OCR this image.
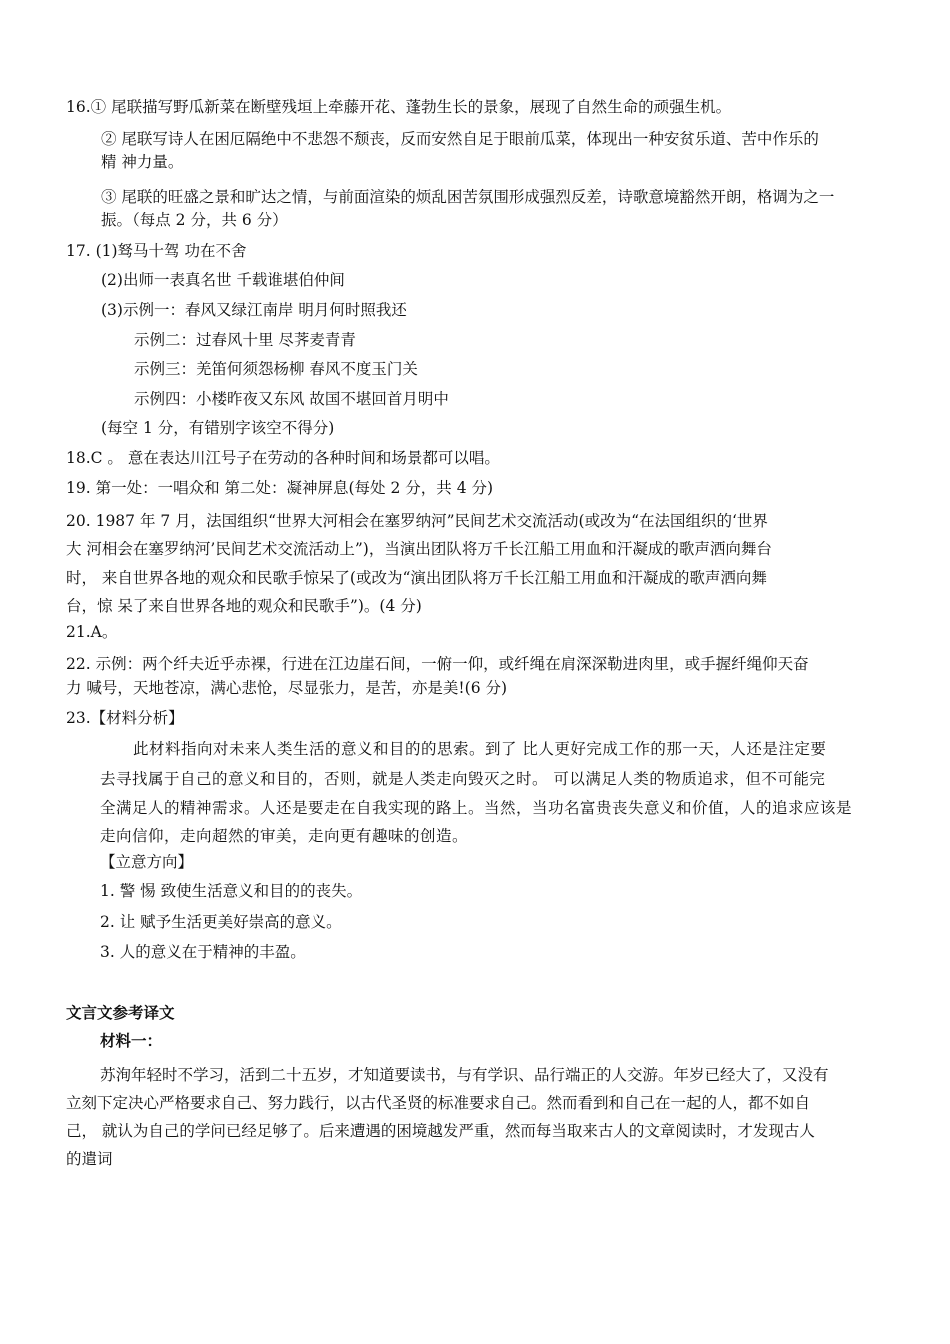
16.① 尾联描写野瓜新菜在断壁残垣上牵藤开花、蓬勃生长的景象，展现了自然生命的顽强生机。
② 尾联写诗人在困厄隔绝中不悲怨不颓丧，反而安然自足于眼前瓜菜，体现出一种安贫乐道、苦中作乐的
精 神力量。
③ 尾联的旺盛之景和旷达之情，与前面渲染的烦乱困苦氛围形成强烈反差，诗歌意境豁然开朗，格调为之一
振。（每点 2 分，共 6 分）
17. (1)驽马十驾 功在不舍
(2)出师一表真名世 千载谁堪伯仲间
(3)示例一：春风又绿江南岸 明月何时照我还
示例二：过春风十里 尽荠麦青青
示例三：羌笛何须怨杨柳 春风不度玉门关
示例四：小楼昨夜又东风 故国不堪回首月明中
(每空 1 分，有错别字该空不得分)
18.C 。 意在表达川江号子在劳动的各种时间和场景都可以唱。
19. 第一处：一唱众和 第二处：凝神屏息(每处 2 分，共 4 分)
20. 1987 年 7 月，法国组织“世界大河相会在塞罗纳河”民间艺术交流活动(或改为“在法国组织的‘世界
大 河相会在塞罗纳河’民间艺术交流活动上”)，当演出团队将万千长江船工用血和汗凝成的歌声洒向舞台
时， 来自世界各地的观众和民歌手惊呆了(或改为“演出团队将万千长江船工用血和汗凝成的歌声洒向舞
台，惊 呆了来自世界各地的观众和民歌手”)。(4 分)
21.A。
22. 示例：两个纤夫近乎赤裸，行进在江边崖石间，一俯一仰，或纤绳在肩深深勒进肉里，或手握纤绳仰天奋
力 喊号，天地苍凉，满心悲怆，尽显张力，是苦，亦是美!(6 分)
23.【材料分析】
此材料指向对未来人类生活的意义和目的的思索。到了 比人更好完成工作的那一天，人还是注定要
去寻找属于自己的意义和目的，否则，就是人类走向毁灭之时。 可以满足人类的物质追求，但不可能完
全满足人的精神需求。人还是要走在自我实现的路上。当然，当功名富贵丧失意义和价值，人的追求应该是
走向信仰，走向超然的审美，走向更有趣味的创造。
【立意方向】
1. 警 惕 致使生活意义和目的的丧失。
2. 让 赋予生活更美好崇高的意义。
3. 人的意义在于精神的丰盈。
文言文参考译文
材料一：
苏洵年轻时不学习，活到二十五岁，才知道要读书，与有学识、品行端正的人交游。年岁已经大了，又没有
立刻下定决心严格要求自己、努力践行，以古代圣贤的标准要求自己。然而看到和自己在一起的人，都不如自
己， 就认为自己的学问已经足够了。后来遭遇的困境越发严重，然而每当取来古人的文章阅读时，才发现古人
的遣词
